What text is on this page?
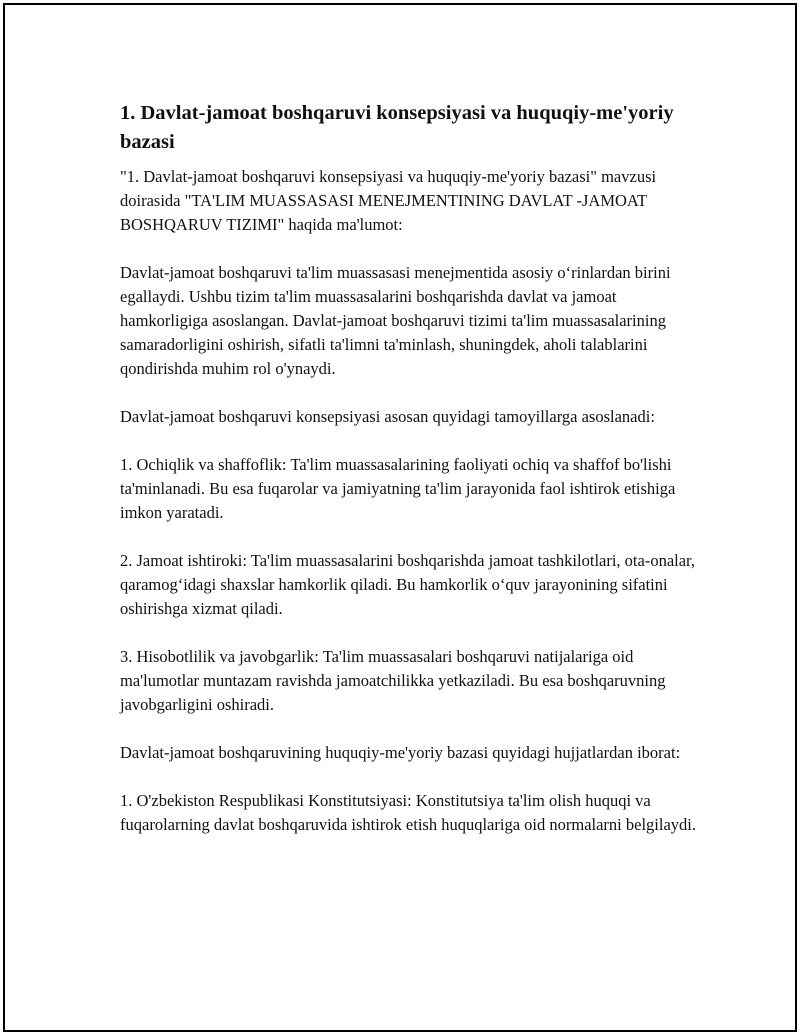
1. Davlat-jamoat boshqaruvi konsepsiyasi va huquqiy-me'yoriy bazasi

"1. Davlat-jamoat boshqaruvi konsepsiyasi va huquqiy-me'yoriy bazasi" mavzusi doirasida "TA'LIM MUASSASASI MENEJMENTINING DAVLAT -JAMOAT BOSHQARUV TIZIMI" haqida ma'lumot:

Davlat-jamoat boshqaruvi ta'lim muassasasi menejmentida asosiy o‘rinlardan birini egallaydi. Ushbu tizim ta'lim muassasalarini boshqarishda davlat va jamoat hamkorligiga asoslangan. Davlat-jamoat boshqaruvi tizimi ta'lim muassasalarining samaradorligini oshirish, sifatli ta'limni ta'minlash, shuningdek, aholi talablarini qondirishda muhim rol o'ynaydi.

Davlat-jamoat boshqaruvi konsepsiyasi asosan quyidagi tamoyillarga asoslanadi:

1. Ochiqlik va shaffoflik: Ta'lim muassasalarining faoliyati ochiq va shaffof bo'lishi ta'minlanadi. Bu esa fuqarolar va jamiyatning ta'lim jarayonida faol ishtirok etishiga imkon yaratadi.

2. Jamoat ishtiroki: Ta'lim muassasalarini boshqarishda jamoat tashkilotlari, ota-onalar, qaramog‘idagi shaxslar hamkorlik qiladi. Bu hamkorlik o‘quv jarayonining sifatini oshirishga xizmat qiladi.

3. Hisobotlilik va javobgarlik: Ta'lim muassasalari boshqaruvi natijalariga oid ma'lumotlar muntazam ravishda jamoatchilikka yetkaziladi. Bu esa boshqaruvning javobgarligini oshiradi.

Davlat-jamoat boshqaruvining huquqiy-me'yoriy bazasi quyidagi hujjatlardan iborat:

1. O'zbekiston Respublikasi Konstitutsiyasi: Konstitutsiya ta'lim olish huquqi va fuqarolarning davlat boshqaruvida ishtirok etish huquqlariga oid normalarni belgilaydi.
